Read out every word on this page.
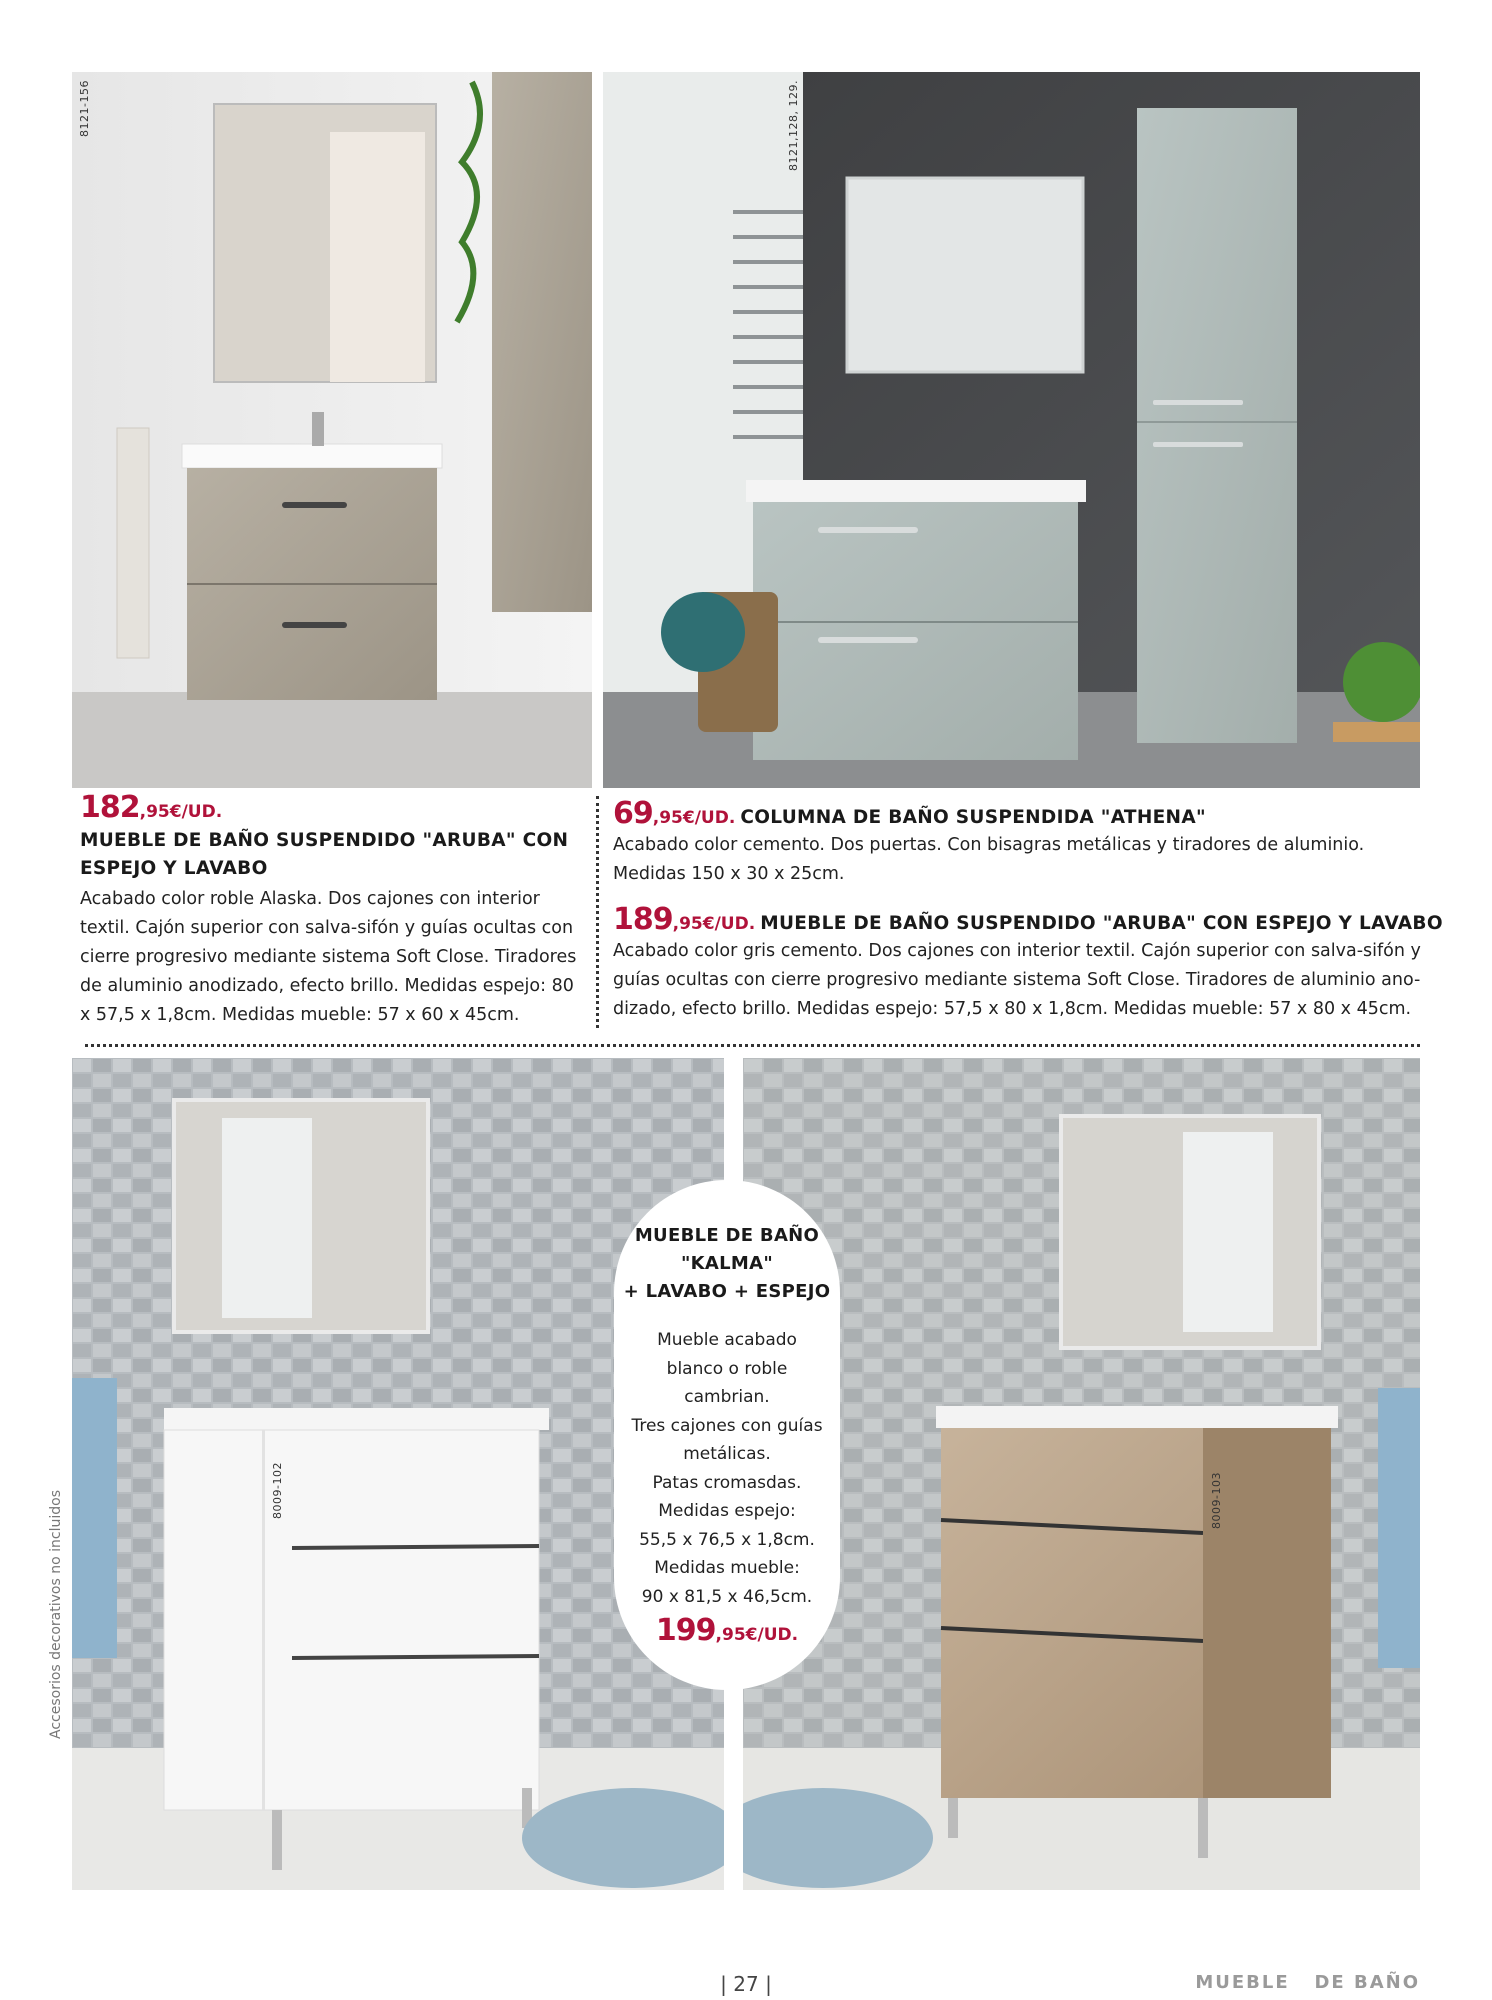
8121-156	8121,128, 129.
182,95€/UD.
MUEBLE DE BAÑO SUSPENDIDO "ARUBA" CON
ESPEJO Y LAVABO
Acabado color roble Alaska. Dos cajones con interior
textil. Cajón superior con salva-sifón y guías ocultas con
cierre progresivo mediante sistema Soft Close. Tiradores
de aluminio anodizado, efecto brillo. Medidas espejo: 80
x 57,5 x 1,8cm. Medidas mueble: 57 x 60 x 45cm.
69,95€/UD. COLUMNA DE BAÑO SUSPENDIDA "ATHENA"
Acabado color cemento. Dos puertas. Con bisagras metálicas y tiradores de aluminio.
Medidas 150 x 30 x 25cm.
189,95€/UD. MUEBLE DE BAÑO SUSPENDIDO "ARUBA" CON ESPEJO Y LAVABO
Acabado color gris cemento. Dos cajones con interior textil. Cajón superior con salva-sifón y
guías ocultas con cierre progresivo mediante sistema Soft Close. Tiradores de aluminio ano-
dizado, efecto brillo. Medidas espejo: 57,5 x 80 x 1,8cm. Medidas mueble: 57 x 80 x 45cm.
8009-102	8009-103
MUEBLE DE BAÑO
"KALMA"
+ LAVABO + ESPEJO
Mueble acabado
blanco o roble
cambrian.
Tres cajones con guías
metálicas.
Patas cromasdas.
Medidas espejo:
55,5 x 76,5 x 1,8cm.
Medidas mueble:
90 x 81,5 x 46,5cm.
199,95€/UD.
Accesorios decorativos no incluidos
| 27 |	MUEBLE   DE BAÑO
